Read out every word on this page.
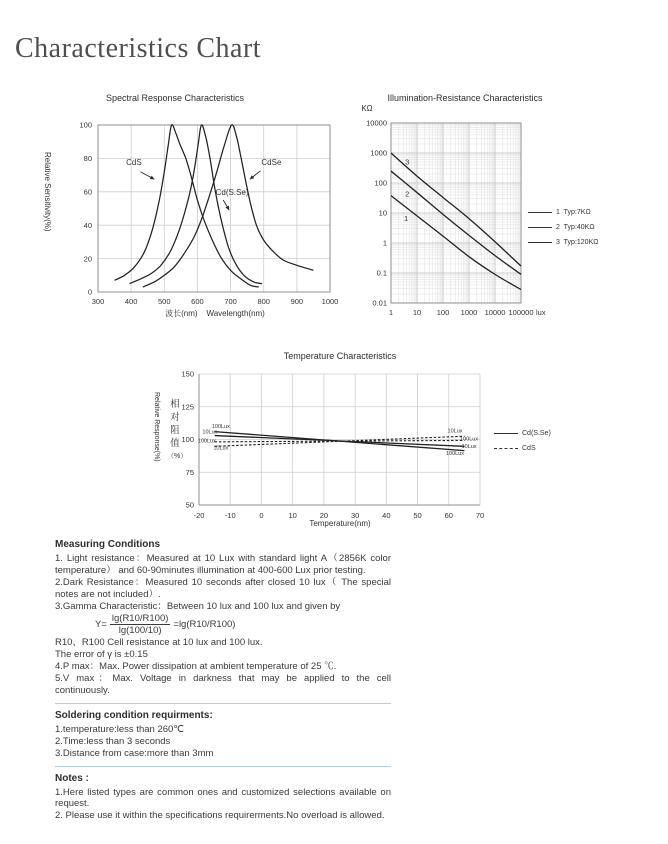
Characteristics Chart
Spectral Response Characteristics
Relative Sensitivity(%)
0
20
40
60
80
100
300	400	500	600	700	800	900 1000
CdS
Cd(S.Se)
CdSe
波长(nm)    Wavelength(nm)
Illumination-Resistance Characteristics
KΩ
1	10 100 1000 10000 100000
10000
1000
100
10
1
0.1
0.01
lux
1
2
3
1  Typ:7KΩ
2  Typ:40KΩ
3  Typ:120KΩ
Temperature Characteristics
Relative Response(%)	相
对
阻
值
（%）
50
75
100
125
150
-20	-10	0	10	20	30	40	50	60	70
100Lux
10Lux
100Lux
10Lux
10Lux
100Lux
10Lux
100Lux
Temperature(nm)
Cd(S.Se)
CdS
Measuring Conditions

1. Light resistance：Measured at 10 Lux with standard light A（2856K color temperature） and 60-90minutes illumination at 400-600 Lux prior testing.

2.Dark Resistance：Measured 10 seconds after closed 10 lux（ The special notes are not included）.

3.Gamma Characteristic：Between 10 lux and 100 lux and given by

$Y= \frac{\lg(R10/R100)}{\lg(100/10)} =\lg(R10/R100)$

R10、R100 Cell resistance at 10 lux and 100 lux.

The error of γ is ±0.15

4.P max：Max. Power dissipation at ambient temperature of 25 ℃.

5.V max：Max. Voltage in darkness that may be applied to the cell continuously.

Soldering condition requirments:

1.temperature:less than 260℃

2.Time:less than 3 seconds

3.Distance from case:more than 3mm

Notes :

1.Here listed types are common ones and customized selections available on request.

2. Please use it within the specifications requirerments.No overload is allowed.
